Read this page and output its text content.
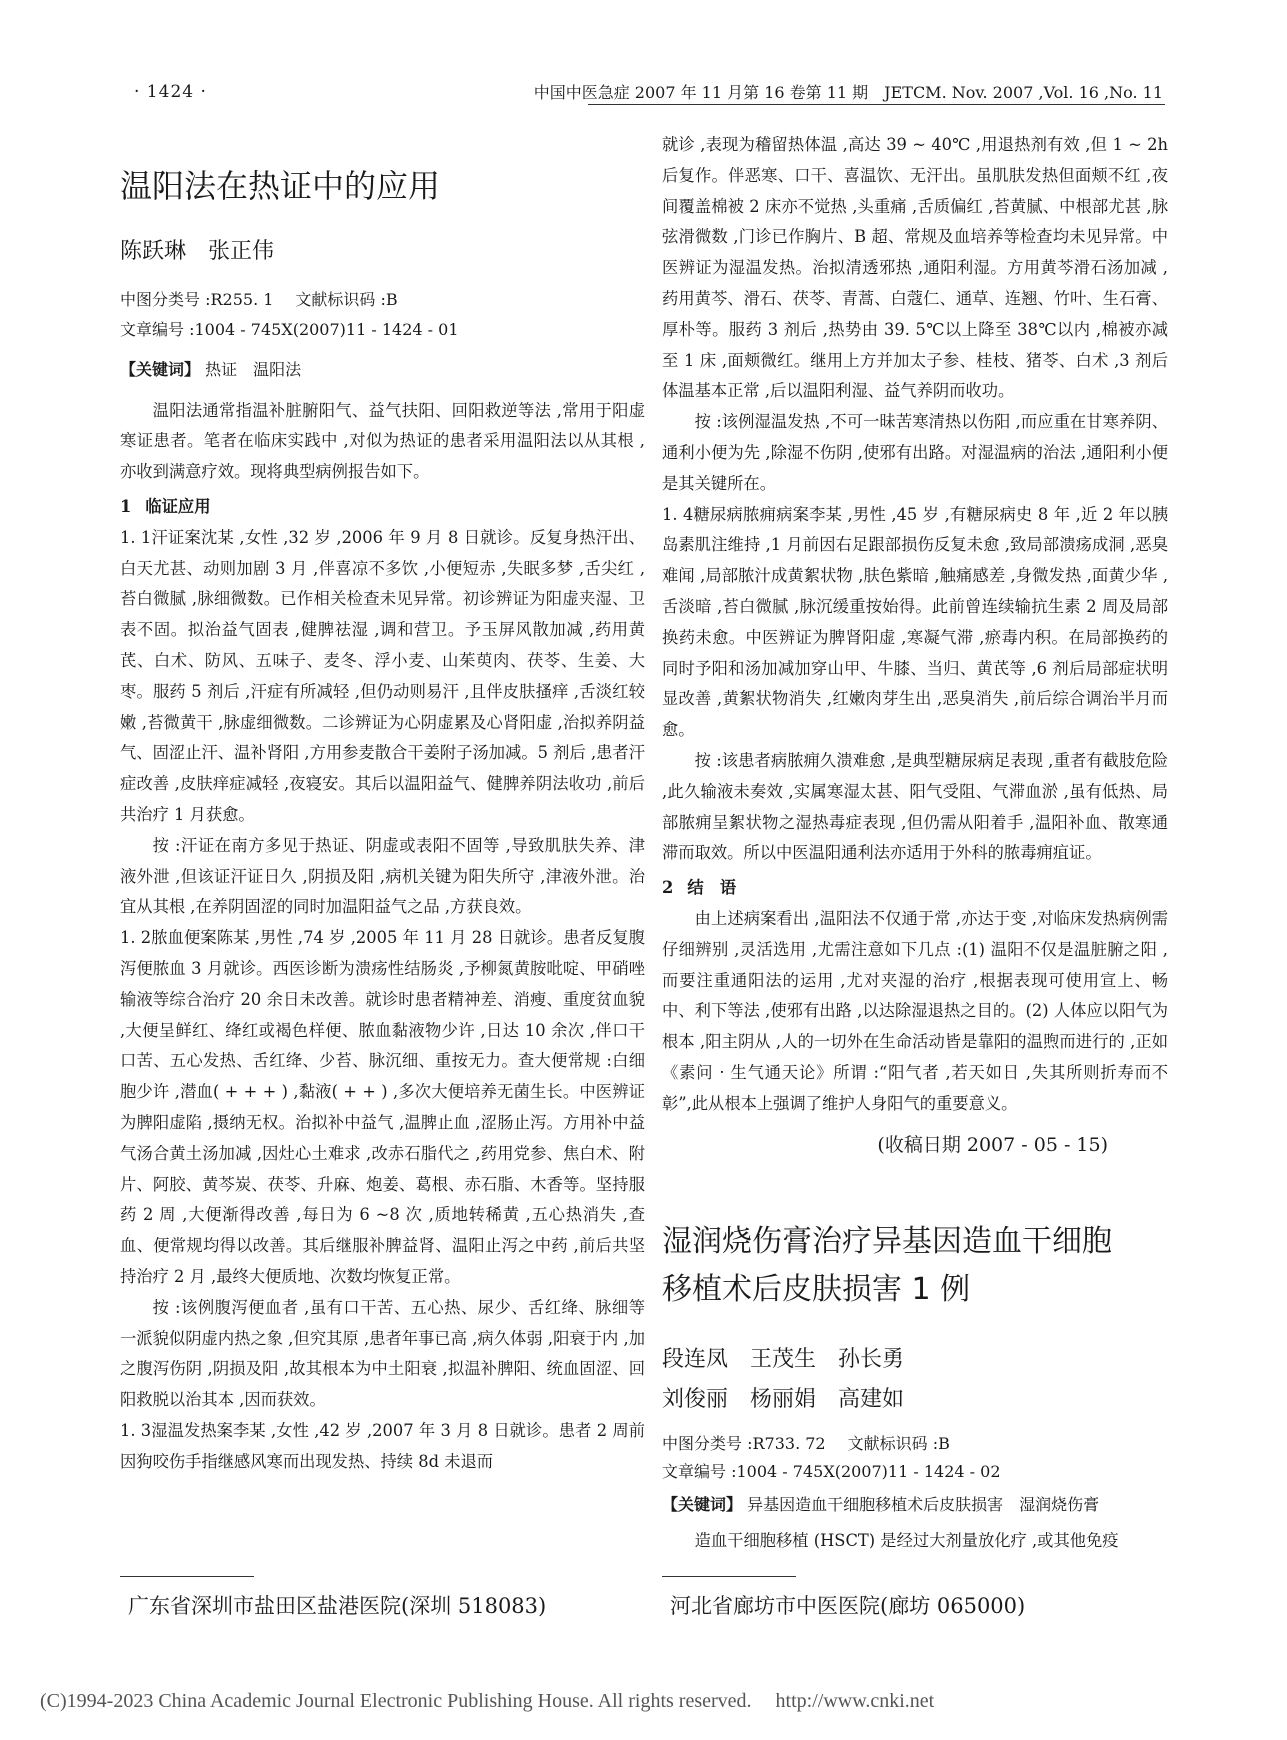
· 1424 ·	中国中医急症 2007 年 11 月第 16 卷第 11 期　JETCM. Nov. 2007 ,Vol. 16 ,No. 11
温阳法在热证中的应用
陈跃琳　张正伟
中图分类号 :R255. 1 文献标识码 :B
文章编号 :1004 - 745X(2007)11 - 1424 - 01
【关键词】 热证　温阳法

温阳法通常指温补脏腑阳气、益气扶阳、回阳救逆等法 ,常用于阳虚寒证患者。笔者在临床实践中 ,对似为热证的患者采用温阳法以从其根 ,亦收到满意疗效。现将典型病例报告如下。

1 临证应用

1. 1汗证案沈某 ,女性 ,32 岁 ,2006 年 9 月 8 日就诊。反复身热汗出、白天尤甚、动则加剧 3 月 ,伴喜凉不多饮 ,小便短赤 ,失眠多梦 ,舌尖红 ,苔白微腻 ,脉细微数。已作相关检查未见异常。初诊辨证为阳虚夹湿、卫表不固。拟治益气固表 ,健脾祛湿 ,调和营卫。予玉屏风散加减 ,药用黄芪、白术、防风、五味子、麦冬、浮小麦、山茱萸肉、茯苓、生姜、大枣。服药 5 剂后 ,汗症有所减轻 ,但仍动则易汗 ,且伴皮肤搔痒 ,舌淡红较嫩 ,苔微黄干 ,脉虚细微数。二诊辨证为心阴虚累及心肾阳虚 ,治拟养阴益气、固涩止汗、温补肾阳 ,方用参麦散合干姜附子汤加减。5 剂后 ,患者汗症改善 ,皮肤痒症减轻 ,夜寝安。其后以温阳益气、健脾养阴法收功 ,前后共治疗 1 月获愈。

按 :汗证在南方多见于热证、阴虚或表阳不固等 ,导致肌肤失养、津液外泄 ,但该证汗证日久 ,阴损及阳 ,病机关键为阳失所守 ,津液外泄。治宜从其根 ,在养阴固涩的同时加温阳益气之品 ,方获良效。

1. 2脓血便案陈某 ,男性 ,74 岁 ,2005 年 11 月 28 日就诊。患者反复腹泻便脓血 3 月就诊。西医诊断为溃疡性结肠炎 ,予柳氮黄胺吡啶、甲硝唑输液等综合治疗 20 余日未改善。就诊时患者精神差、消瘦、重度贫血貌 ,大便呈鲜红、绛红或褐色样便、脓血黏液物少许 ,日达 10 余次 ,伴口干口苦、五心发热、舌红绛、少苔、脉沉细、重按无力。查大便常规 :白细胞少许 ,潜血( + + + ) ,黏液( + + ) ,多次大便培养无菌生长。中医辨证为脾阳虚陷 ,摄纳无权。治拟补中益气 ,温脾止血 ,涩肠止泻。方用补中益气汤合黄土汤加减 ,因灶心土难求 ,改赤石脂代之 ,药用党参、焦白术、附片、阿胶、黄芩炭、茯苓、升麻、炮姜、葛根、赤石脂、木香等。坚持服药 2 周 ,大便渐得改善 ,每日为 6 ~8 次 ,质地转稀黄 ,五心热消失 ,查血、便常规均得以改善。其后继服补脾益肾、温阳止泻之中药 ,前后共坚持治疗 2 月 ,最终大便质地、次数均恢复正常。

按 :该例腹泻便血者 ,虽有口干苦、五心热、尿少、舌红绛、脉细等一派貌似阴虚内热之象 ,但究其原 ,患者年事已高 ,病久体弱 ,阳衰于内 ,加之腹泻伤阴 ,阴损及阳 ,故其根本为中土阳衰 ,拟温补脾阳、统血固涩、回阳救脱以治其本 ,因而获效。

1. 3湿温发热案李某 ,女性 ,42 岁 ,2007 年 3 月 8 日就诊。患者 2 周前因狗咬伤手指继感风寒而出现发热、持续 8d 未退而

就诊 ,表现为稽留热体温 ,高达 39 ~ 40℃ ,用退热剂有效 ,但 1 ~ 2h 后复作。伴恶寒、口干、喜温饮、无汗出。虽肌肤发热但面颊不红 ,夜间覆盖棉被 2 床亦不觉热 ,头重痛 ,舌质偏红 ,苔黄腻、中根部尤甚 ,脉弦滑微数 ,门诊已作胸片、B 超、常规及血培养等检查均未见异常。中医辨证为湿温发热。治拟清透邪热 ,通阳利湿。方用黄芩滑石汤加减 ,药用黄芩、滑石、茯苓、青蒿、白蔻仁、通草、连翘、竹叶、生石膏、厚朴等。服药 3 剂后 ,热势由 39. 5℃以上降至 38℃以内 ,棉被亦减至 1 床 ,面颊微红。继用上方并加太子参、桂枝、猪苓、白术 ,3 剂后体温基本正常 ,后以温阳利湿、益气养阴而收功。

按 :该例湿温发热 ,不可一昧苦寒清热以伤阳 ,而应重在甘寒养阴、通利小便为先 ,除湿不伤阴 ,使邪有出路。对湿温病的治法 ,通阳利小便是其关键所在。

1. 4糖尿病脓痈病案李某 ,男性 ,45 岁 ,有糖尿病史 8 年 ,近 2 年以胰岛素肌注维持 ,1 月前因右足跟部损伤反复未愈 ,致局部溃疡成洞 ,恶臭难闻 ,局部脓汁成黄絮状物 ,肤色紫暗 ,触痛感差 ,身微发热 ,面黄少华 ,舌淡暗 ,苔白微腻 ,脉沉缓重按始得。此前曾连续输抗生素 2 周及局部换药未愈。中医辨证为脾肾阳虚 ,寒凝气滞 ,瘀毒内积。在局部换药的同时予阳和汤加减加穿山甲、牛膝、当归、黄芪等 ,6 剂后局部症状明显改善 ,黄絮状物消失 ,红嫩肉芽生出 ,恶臭消失 ,前后综合调治半月而愈。

按 :该患者病脓痈久溃难愈 ,是典型糖尿病足表现 ,重者有截肢危险 ,此久输液未奏效 ,实属寒湿太甚、阳气受阻、气滞血淤 ,虽有低热、局部脓痈呈絮状物之湿热毒症表现 ,但仍需从阳着手 ,温阳补血、散寒通滞而取效。所以中医温阳通利法亦适用于外科的脓毒痈疽证。

2 结　语

由上述病案看出 ,温阳法不仅通于常 ,亦达于变 ,对临床发热病例需仔细辨别 ,灵活选用 ,尤需注意如下几点 :(1) 温阳不仅是温脏腑之阳 ,而要注重通阳法的运用 ,尤对夹湿的治疗 ,根据表现可使用宣上、畅中、利下等法 ,使邪有出路 ,以达除湿退热之目的。(2) 人体应以阳气为根本 ,阳主阴从 ,人的一切外在生命活动皆是靠阳的温煦而进行的 ,正如《素问 · 生气通天论》所谓 :“阳气者 ,若天如日 ,失其所则折寿而不彰”,此从根本上强调了维护人身阳气的重要意义。

(收稿日期 2007 - 05 - 15)
湿润烧伤膏治疗异基因造血干细胞
移植术后皮肤损害 1 例
段连凤　王茂生　孙长勇
刘俊丽　杨丽娟　高建如
中图分类号 :R733. 72 文献标识码 :B
文章编号 :1004 - 745X(2007)11 - 1424 - 02
【关键词】 异基因造血干细胞移植术后皮肤损害　湿润烧伤膏

造血干细胞移植 (HSCT) 是经过大剂量放化疗 ,或其他免疫

广东省深圳市盐田区盐港医院(深圳 518083)	河北省廊坊市中医医院(廊坊 065000)
(C)1994-2023 China Academic Journal Electronic Publishing House. All rights reserved. http://www.cnki.net
